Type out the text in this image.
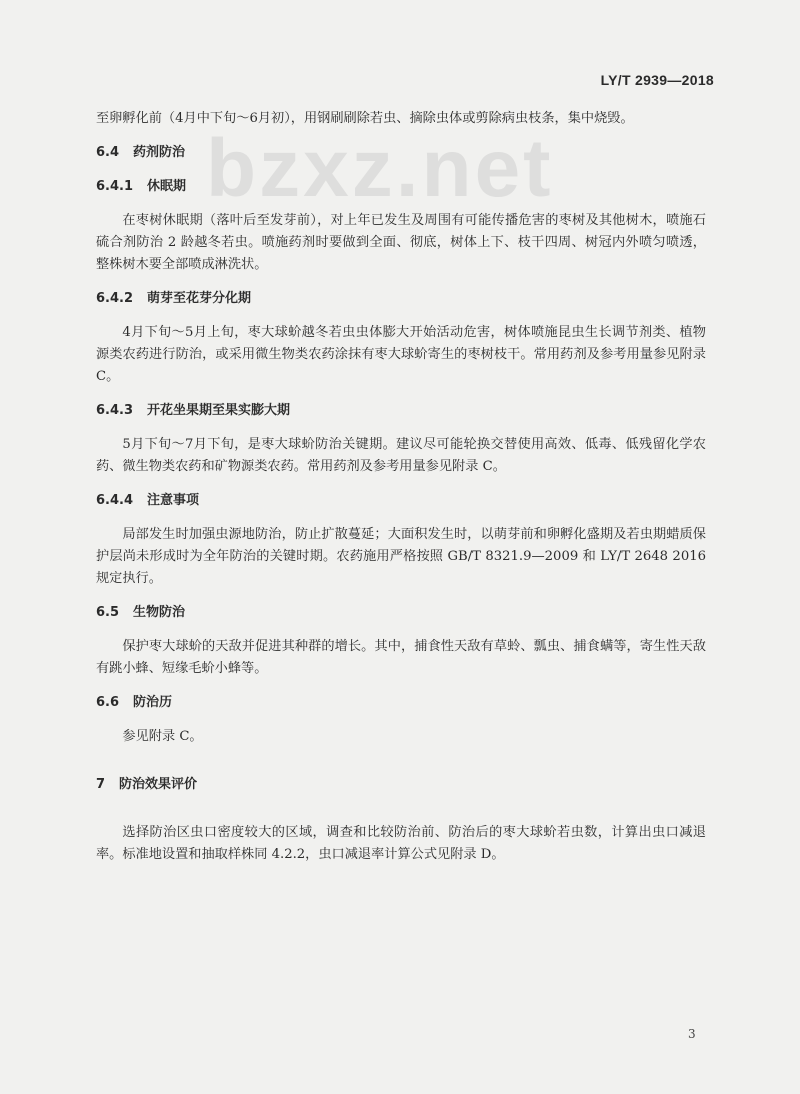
LY/T 2939—2018
bzxz.net

至卵孵化前（4月中下旬～6月初），用钢刷刷除若虫、摘除虫体或剪除病虫枝条，集中烧毁。

6.4 药剂防治
6.4.1 休眠期

在枣树休眠期（落叶后至发芽前），对上年已发生及周围有可能传播危害的枣树及其他树木，喷施石硫合剂防治 2 龄越冬若虫。喷施药剂时要做到全面、彻底，树体上下、枝干四周、树冠内外喷匀喷透，整株树木要全部喷成淋洗状。

6.4.2 萌芽至花芽分化期

4月下旬～5月上旬，枣大球蚧越冬若虫虫体膨大开始活动危害，树体喷施昆虫生长调节剂类、植物源类农药进行防治，或采用微生物类农药涂抹有枣大球蚧寄生的枣树枝干。常用药剂及参考用量参见附录 C。

6.4.3 开花坐果期至果实膨大期

5月下旬～7月下旬，是枣大球蚧防治关键期。建议尽可能轮换交替使用高效、低毒、低残留化学农药、微生物类农药和矿物源类农药。常用药剂及参考用量参见附录 C。

6.4.4 注意事项

局部发生时加强虫源地防治，防止扩散蔓延；大面积发生时，以萌芽前和卵孵化盛期及若虫期蜡质保护层尚未形成时为全年防治的关键时期。农药施用严格按照 GB/T 8321.9—2009 和 LY/T 2648 2016 规定执行。

6.5 生物防治

保护枣大球蚧的天敌并促进其种群的增长。其中，捕食性天敌有草蛉、瓢虫、捕食螨等，寄生性天敌有跳小蜂、短缘毛蚧小蜂等。

6.6 防治历

参见附录 C。

7 防治效果评价

选择防治区虫口密度较大的区域，调查和比较防治前、防治后的枣大球蚧若虫数，计算出虫口减退率。标准地设置和抽取样株同 4.2.2，虫口减退率计算公式见附录 D。

3
